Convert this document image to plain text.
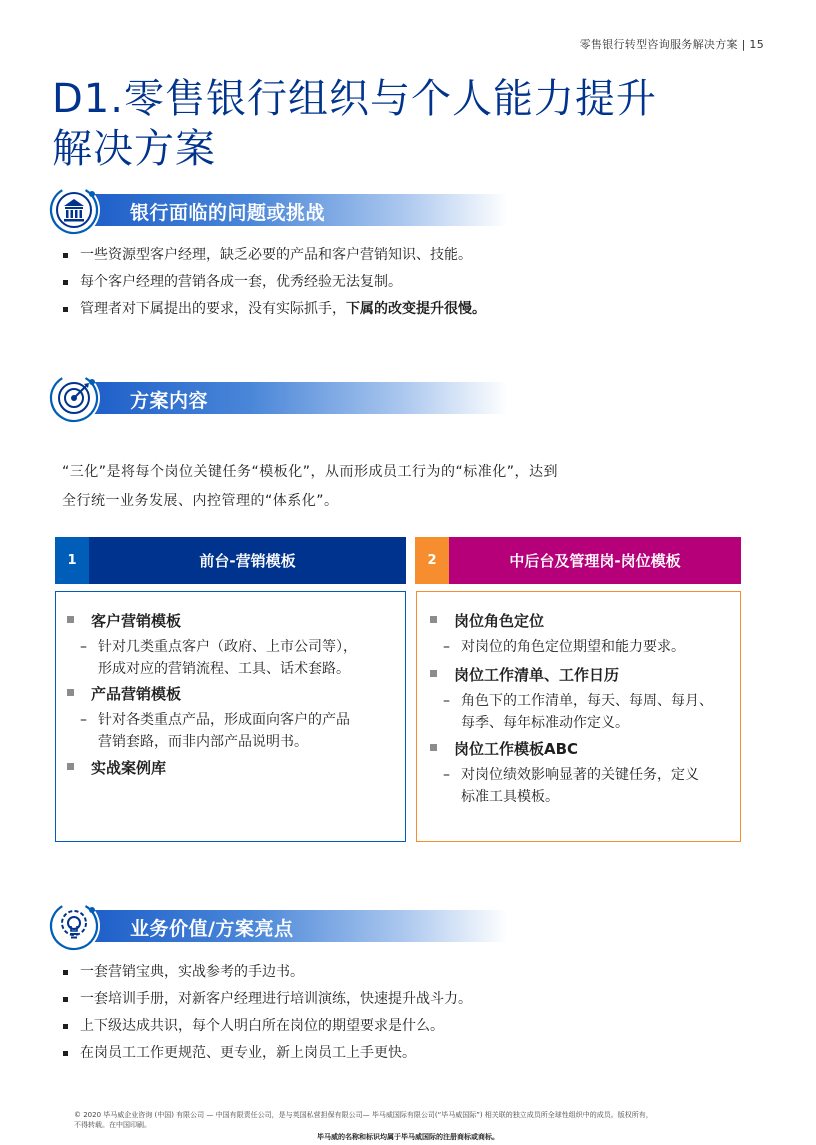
零售银行转型咨询服务解决方案 | 15
D1.零售银行组织与个人能力提升
解决方案
银行面临的问题或挑战
一些资源型客户经理，缺乏必要的产品和客户营销知识、技能。
每个客户经理的营销各成一套，优秀经验无法复制。
管理者对下属提出的要求，没有实际抓手，下属的改变提升很慢。
方案内容
“三化”是将每个岗位关键任务“模板化”，从而形成员工行为的“标准化”，达到
全行统一业务发展、内控管理的“体系化”。
1	前台-营销模板	2	中后台及管理岗-岗位模板
客户营销模板
– 针对几类重点客户（政府、上市公司等），
形成对应的营销流程、工具、话术套路。
产品营销模板
– 针对各类重点产品，形成面向客户的产品
营销套路，而非内部产品说明书。
实战案例库
岗位角色定位
– 对岗位的角色定位期望和能力要求。
岗位工作清单、工作日历
– 角色下的工作清单，每天、每周、每月、
每季、每年标准动作定义。
岗位工作模板ABC
– 对岗位绩效影响显著的关键任务，定义
标准工具模板。
业务价值/方案亮点
一套营销宝典，实战参考的手边书。
一套培训手册，对新客户经理进行培训演练，快速提升战斗力。
上下级达成共识，每个人明白所在岗位的期望要求是什么。
在岗员工工作更规范、更专业，新上岗员工上手更快。
© 2020 毕马威企业咨询 (中国) 有限公司 — 中国有限责任公司，是与英国私营担保有限公司— 毕马威国际有限公司(“毕马威国际”) 相关联的独立成员所全球性组织中的成员。版权所有，
不得转载。在中国印刷。
毕马威的名称和标识均属于毕马威国际的注册商标或商标。
